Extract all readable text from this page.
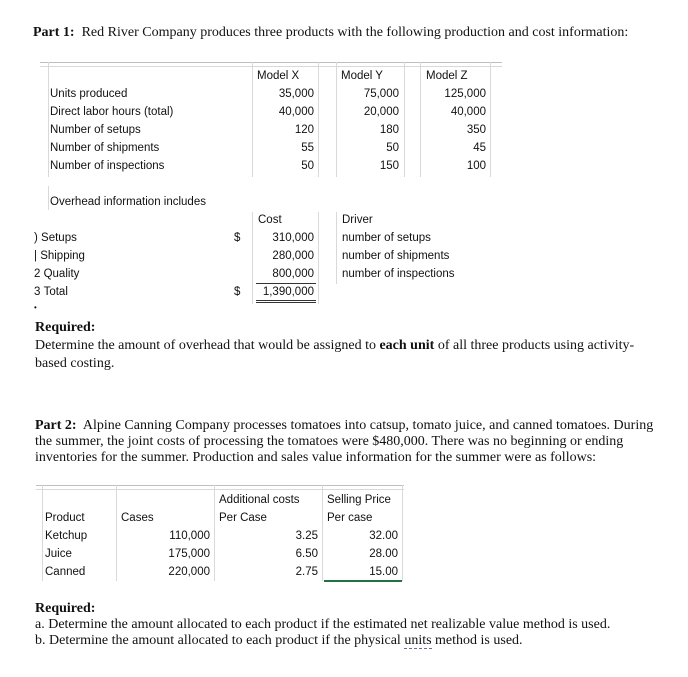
Part 1: Red River Company produces three products with the following production and cost information:
Model X	Model Y	Model Z
Units produced	35,000	75,000	125,000
Direct labor hours (total)	40,000	20,000	40,000
Number of setups	120	180	350
Number of shipments	55	50	45
Number of inspections	50	150	100
Overhead information includes
Cost	Driver
) Setups	$	310,000 number of setups
| Shipping	280,000 number of shipments
2 Quality	800,000 number of inspections
3 Total	$	1,390,000
•
Required:
Determine the amount of overhead that would be assigned to each unit of all three products using activity-
based costing.
Part 2: Alpine Canning Company processes tomatoes into catsup, tomato juice, and canned tomatoes. During
the summer, the joint costs of processing the tomatoes were $480,000. There was no beginning or ending
inventories for the summer. Production and sales value information for the summer were as follows:
Additional costs Selling Price
Product	Cases	Per Case	Per case
Ketchup	110,000	3.25	32.00
Juice	175,000	6.50	28.00
Canned	220,000	2.75	15.00
Required:
a. Determine the amount allocated to each product if the estimated net realizable value method is used.
b. Determine the amount allocated to each product if the physical units method is used.
